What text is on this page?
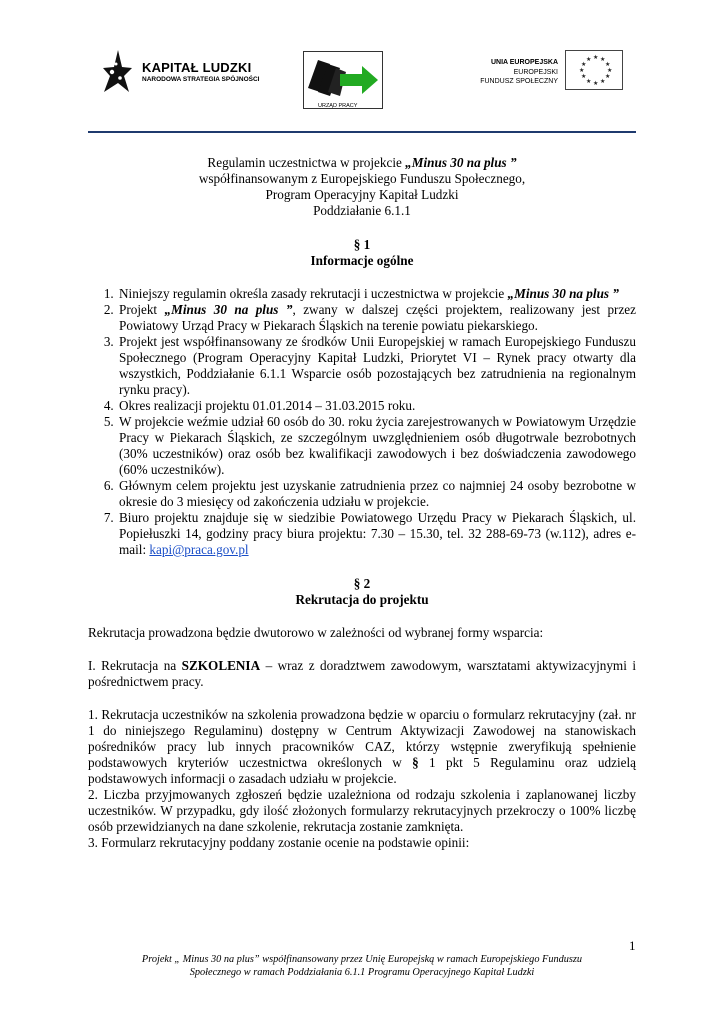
KAPITAŁ LUDZKI
NARODOWA STRATEGIA SPÓJNOŚCI
URZĄD PRACY
UNIA EUROPEJSKA
EUROPEJSKI
FUNDUSZ SPOŁECZNY
★ ★
★
★
★
★
★
★
★
★
★
★

Regulamin uczestnictwa w projekcie „Minus 30 na plus ”

współfinansowanym z Europejskiego Funduszu Społecznego,

Program Operacyjny Kapitał Ludzki

Poddziałanie 6.1.1

§ 1

Informacje ogólne

1. Niniejszy regulamin określa zasady rekrutacji i uczestnictwa w projekcie „Minus 30 na plus ”
2. Projekt „Minus 30 na plus ”, zwany w dalszej części projektem, realizowany jest przez Powiatowy Urząd Pracy w Piekarach Śląskich na terenie powiatu piekarskiego.
3. Projekt jest współfinansowany ze środków Unii Europejskiej w ramach Europejskiego Funduszu Społecznego (Program Operacyjny Kapitał Ludzki, Priorytet VI – Rynek pracy otwarty dla wszystkich, Poddziałanie 6.1.1 Wsparcie osób pozostających bez zatrudnienia na regionalnym rynku pracy).
4. Okres realizacji projektu 01.01.2014 – 31.03.2015 roku.
5. W projekcie weźmie udział 60 osób do 30. roku życia zarejestrowanych w Powiatowym Urzędzie Pracy w Piekarach Śląskich, ze szczególnym uwzględnieniem osób długotrwale bezrobotnych (30% uczestników) oraz osób bez kwalifikacji zawodowych i bez doświadczenia zawodowego (60% uczestników).
6. Głównym celem projektu jest uzyskanie zatrudnienia przez co najmniej 24 osoby bezrobotne w okresie do 3 miesięcy od zakończenia udziału w projekcie.
7. Biuro projektu znajduje się w siedzibie Powiatowego Urzędu Pracy w Piekarach Śląskich, ul. Popiełuszki 14, godziny pracy biura projektu: 7.30 – 15.30, tel. 32 288-69-73 (w.112), adres e-mail: kapi@praca.gov.pl

§ 2

Rekrutacja do projektu

Rekrutacja prowadzona będzie dwutorowo w zależności od wybranej formy wsparcia:

I. Rekrutacja na SZKOLENIA – wraz z doradztwem zawodowym, warsztatami aktywizacyjnymi i pośrednictwem pracy.

1. Rekrutacja uczestników na szkolenia prowadzona będzie w oparciu o formularz rekrutacyjny (zał. nr 1 do niniejszego Regulaminu) dostępny w Centrum Aktywizacji Zawodowej na stanowiskach pośredników pracy lub innych pracowników CAZ, którzy wstępnie zweryfikują spełnienie podstawowych kryteriów uczestnictwa określonych w § 1 pkt 5 Regulaminu oraz udzielą podstawowych informacji o zasadach udziału w projekcie.

2. Liczba przyjmowanych zgłoszeń będzie uzależniona od rodzaju szkolenia i zaplanowanej liczby uczestników. W przypadku, gdy ilość złożonych formularzy rekrutacyjnych przekroczy o 100% liczbę osób przewidzianych na dane szkolenie, rekrutacja zostanie zamknięta.

3. Formularz rekrutacyjny poddany zostanie ocenie na podstawie opinii:

1

Projekt „ Minus 30 na plus” współfinansowany przez Unię Europejską w ramach Europejskiego Funduszu

Społecznego w ramach Poddziałania 6.1.1 Programu Operacyjnego Kapitał Ludzki
